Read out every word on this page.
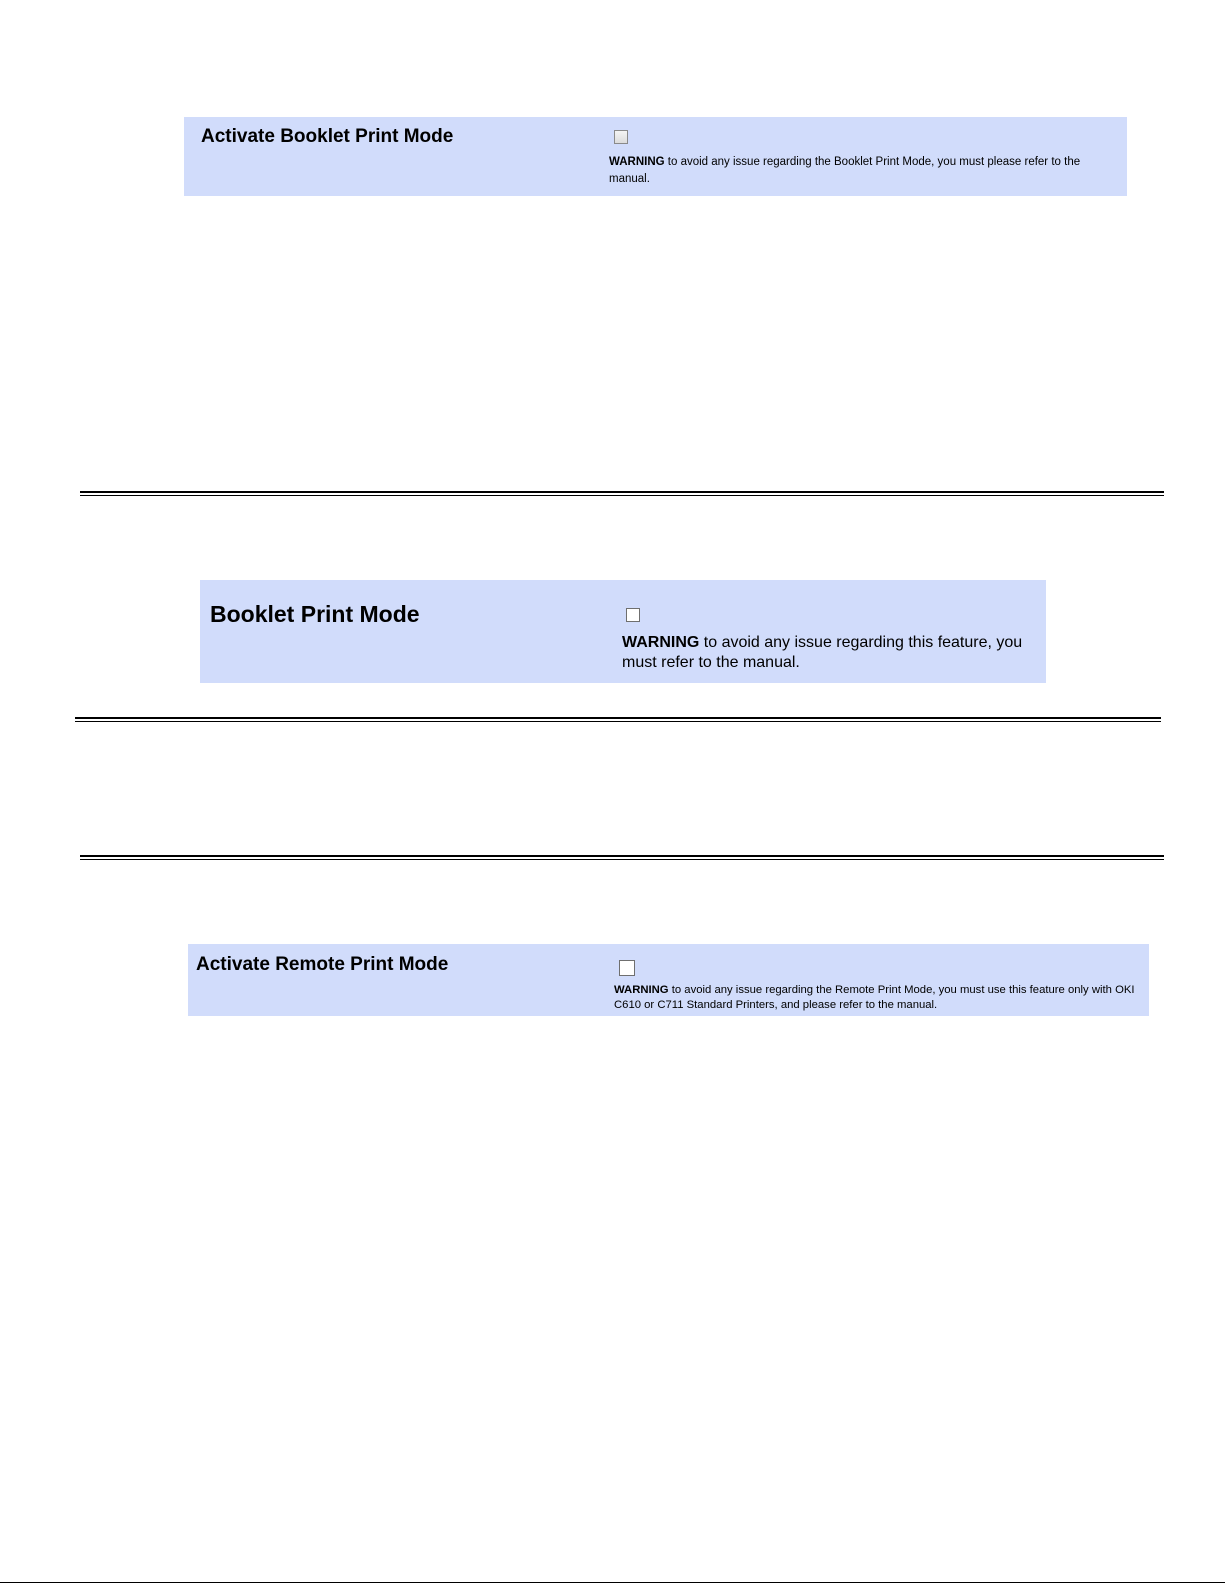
Activate Booklet Print Mode
WARNING to avoid any issue regarding the Booklet Print Mode, you must please refer to the manual.
Booklet Print Mode
WARNING to avoid any issue regarding this feature, you must refer to the manual.
Activate Remote Print Mode
WARNING to avoid any issue regarding the Remote Print Mode, you must use this feature only with OKI C610 or C711 Standard Printers, and please refer to the manual.
